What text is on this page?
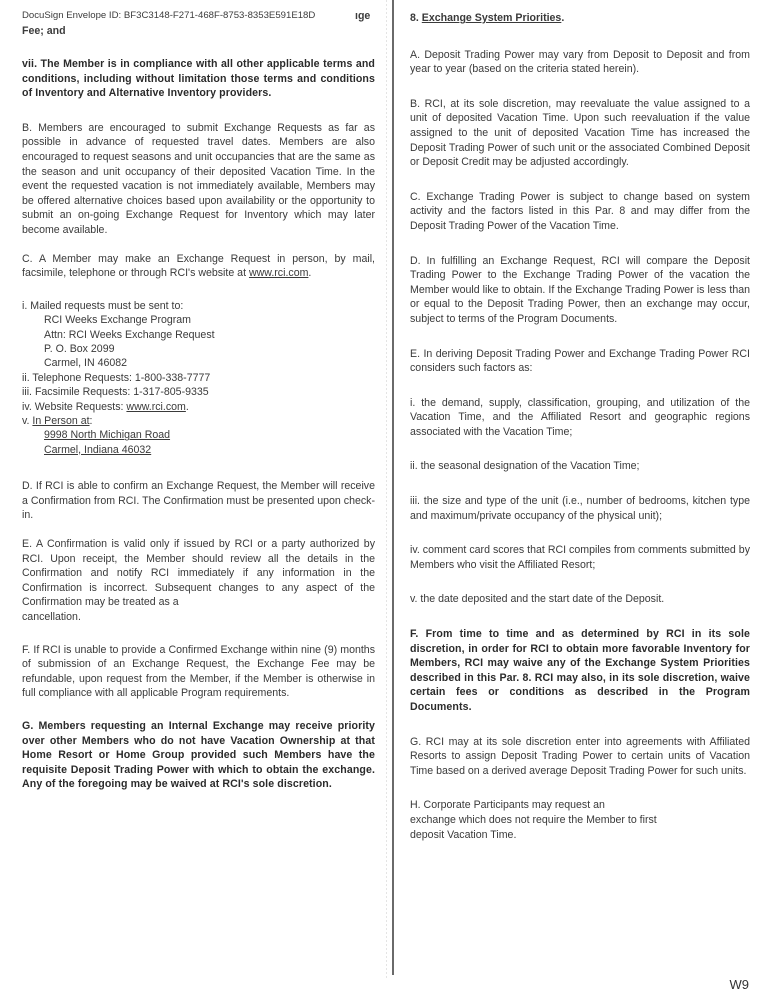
DocuSign Envelope ID: BF3C3148-F271-468F-8753-8353E591E18D	ıge
Fee; and

vii. The Member is in compliance with all other applicable terms and conditions, including without limitation those terms and conditions of Inventory and Alternative Inventory providers.

B. Members are encouraged to submit Exchange Requests as far as possible in advance of requested travel dates. Members are also encouraged to request seasons and unit occupancies that are the same as the season and unit occupancy of their deposited Vacation Time. In the event the requested vacation is not immediately available, Members may be offered alternative choices based upon availability or the opportunity to submit an on-going Exchange Request for Inventory which may later become available.

C. A Member may make an Exchange Request in person, by mail, facsimile, telephone or through RCI's website at www.rci.com.

i. Mailed requests must be sent to:
RCI Weeks Exchange Program
Attn: RCI Weeks Exchange Request
P. O. Box 2099
Carmel, IN 46082
ii. Telephone Requests: 1-800-338-7777
iii. Facsimile Requests: 1-317-805-9335
iv. Website Requests: www.rci.com.
v. In Person at:
9998 North Michigan Road
Carmel, Indiana 46032

D. If RCI is able to confirm an Exchange Request, the Member will receive a Confirmation from RCI. The Confirmation must be presented upon check-in.

E. A Confirmation is valid only if issued by RCI or a party authorized by RCI. Upon receipt, the Member should review all the details in the Confirmation and notify RCI immediately if any information in the Confirmation is incorrect. Subsequent changes to any aspect of the Confirmation may be treated as a

cancellation.

F. If RCI is unable to provide a Confirmed Exchange within nine (9) months of submission of an Exchange Request, the Exchange Fee may be refundable, upon request from the Member, if the Member is otherwise in full compliance with all applicable Program requirements.

G. Members requesting an Internal Exchange may receive priority over other Members who do not have Vacation Ownership at that Home Resort or Home Group provided such Members have the requisite Deposit Trading Power with which to obtain the exchange. Any of the foregoing may be waived at RCI's sole discretion.

8. Exchange System Priorities.

A. Deposit Trading Power may vary from Deposit to Deposit and from year to year (based on the criteria stated herein).

B. RCI, at its sole discretion, may reevaluate the value assigned to a unit of deposited Vacation Time. Upon such reevaluation if the value assigned to the unit of deposited Vacation Time has increased the Deposit Trading Power of such unit or the associated Combined Deposit or Deposit Credit may be adjusted accordingly.

C. Exchange Trading Power is subject to change based on system activity and the factors listed in this Par. 8 and may differ from the Deposit Trading Power of the Vacation Time.

D. In fulfilling an Exchange Request, RCI will compare the Deposit Trading Power to the Exchange Trading Power of the vacation the Member would like to obtain. If the Exchange Trading Power is less than or equal to the Deposit Trading Power, then an exchange may occur, subject to terms of the Program Documents.

E. In deriving Deposit Trading Power and Exchange Trading Power RCI considers such factors as:

i. the demand, supply, classification, grouping, and utilization of the Vacation Time, and the Affiliated Resort and geographic regions associated with the Vacation Time;

ii. the seasonal designation of the Vacation Time;

iii. the size and type of the unit (i.e., number of bedrooms, kitchen type and maximum/private occupancy of the physical unit);

iv. comment card scores that RCI compiles from comments submitted by Members who visit the Affiliated Resort;

v. the date deposited and the start date of the Deposit.

F. From time to time and as determined by RCI in its sole discretion, in order for RCI to obtain more favorable Inventory for Members, RCI may waive any of the Exchange System Priorities described in this Par. 8. RCI may also, in its sole discretion, waive certain fees or conditions as described in the Program Documents.

G. RCI may at its sole discretion enter into agreements with Affiliated Resorts to assign Deposit Trading Power to certain units of Vacation Time based on a derived average Deposit Trading Power for such units.

H. Corporate Participants may request an
exchange which does not require the Member to first
deposit Vacation Time.
W9
